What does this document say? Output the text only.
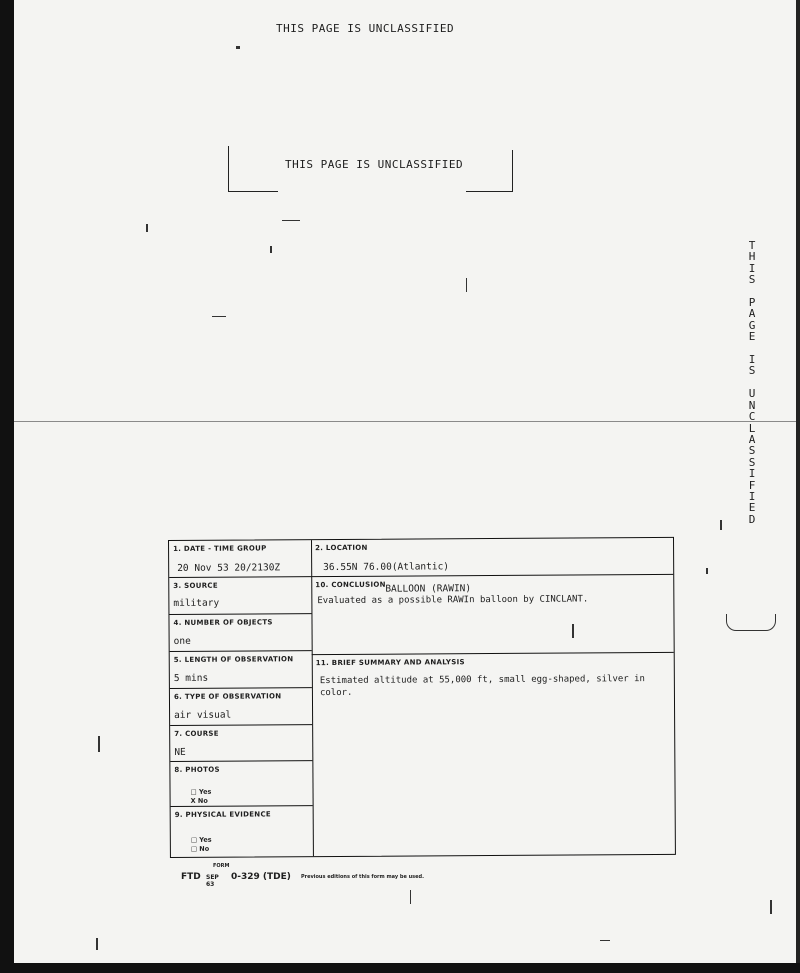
THIS PAGE IS UNCLASSIFIED
THIS PAGE IS UNCLASSIFIED
T
H
I
S

P
A
G
E

I
S

U
N
C
L
A
S
S
I
F
I
E
D
1. DATE - TIME GROUP
20 Nov 53 20/2130Z
3. SOURCE
military
4. NUMBER OF OBJECTS
one
5. LENGTH OF OBSERVATION
5 mins
6. TYPE OF OBSERVATION
air visual
7. COURSE
NE
8. PHOTOS
□ Yes
X No
9. PHYSICAL EVIDENCE
□ Yes
□ No
2. LOCATION
36.55N 76.00(Atlantic)
10. CONCLUSION BALLOON (RAWIN)
Evaluated as a possible RAWIn balloon by CINCLANT.
11. BRIEF SUMMARY AND ANALYSIS
Estimated altitude at 55,000 ft, small egg-shaped, silver in
color.
FORM
FTD SEP 63
0-329 (TDE) Previous editions of this form may be used.
